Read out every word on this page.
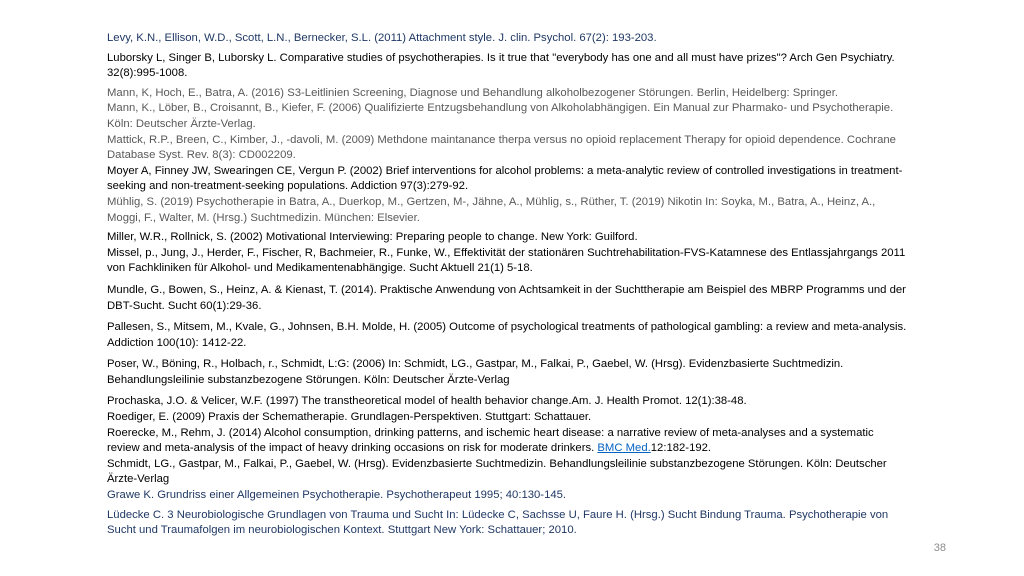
Levy, K.N., Ellison, W.D., Scott, L.N., Bernecker, S.L. (2011) Attachment style. J. clin. Psychol. 67(2): 193-203.

Luborsky L, Singer B, Luborsky L. Comparative studies of psychotherapies. Is it true that "everybody has one and all must have prizes"? Arch Gen Psychiatry. 32(8):995-1008.

Mann, K, Hoch, E., Batra, A. (2016) S3-Leitlinien Screening, Diagnose und Behandlung alkoholbezogener Störungen. Berlin, Heidelberg: Springer.

Mann, K., Löber, B., Croisannt, B., Kiefer, F. (2006) Qualifizierte Entzugsbehandlung von Alkoholabhängigen. Ein Manual zur Pharmako- und Psychotherapie. Köln: Deutscher Ärzte-Verlag.

Mattick, R.P., Breen, C., Kimber, J., -davoli, M. (2009) Methdone maintanance therpa versus no opioid replacement Therapy for opioid dependence. Cochrane Database Syst. Rev. 8(3): CD002209.

Moyer A, Finney JW, Swearingen CE, Vergun P. (2002) Brief interventions for alcohol problems: a meta-analytic review of controlled investigations in treatment-seeking and non-treatment-seeking populations. Addiction 97(3):279-92.

Mühlig, S. (2019) Psychotherapie in Batra, A., Duerkop, M., Gertzen, M-, Jähne, A., Mühlig, s., Rüther, T. (2019) Nikotin In: Soyka, M., Batra, A., Heinz, A., Moggi, F., Walter, M. (Hrsg.) Suchtmedizin. München: Elsevier.

Miller, W.R., Rollnick, S. (2002) Motivational Interviewing: Preparing people to change. New York: Guilford.

Missel, p., Jung, J., Herder, F., Fischer, R, Bachmeier, R., Funke, W., Effektivität der stationären Suchtrehabilitation-FVS-Katamnese des Entlassjahrgangs 2011 von Fachkliniken für Alkohol- und Medikamentenabhängige. Sucht Aktuell 21(1) 5-18.

Mundle, G., Bowen, S., Heinz, A. & Kienast, T. (2014). Praktische Anwendung von Achtsamkeit in der Suchttherapie am Beispiel des MBRP Programms und der DBT-Sucht. Sucht 60(1):29-36.

Pallesen, S., Mitsem, M., Kvale, G., Johnsen, B.H. Molde, H. (2005) Outcome of psychological treatments of pathological gambling: a review and meta-analysis. Addiction 100(10): 1412-22.

Poser, W., Böning, R., Holbach, r., Schmidt, L:G: (2006) In: Schmidt, LG., Gastpar, M., Falkai, P., Gaebel, W. (Hrsg). Evidenzbasierte Suchtmedizin. Behandlungsleilinie substanzbezogene Störungen. Köln: Deutscher Ärzte-Verlag

Prochaska, J.O. & Velicer, W.F. (1997) The transtheoretical model of health behavior change.Am. J. Health Promot. 12(1):38-48.

Roediger, E. (2009) Praxis der Schematherapie. Grundlagen-Perspektiven. Stuttgart: Schattauer.

Roerecke, M., Rehm, J. (2014) Alcohol consumption, drinking patterns, and ischemic heart disease: a narrative review of meta-analyses and a systematic review and meta-analysis of the impact of heavy drinking occasions on risk for moderate drinkers. BMC Med.12:182-192.

Schmidt, LG., Gastpar, M., Falkai, P., Gaebel, W. (Hrsg). Evidenzbasierte Suchtmedizin. Behandlungsleilinie substanzbezogene Störungen. Köln: Deutscher Ärzte-Verlag

Grawe K. Grundriss einer Allgemeinen Psychotherapie. Psychotherapeut 1995; 40:130-145.

Lüdecke C. 3 Neurobiologische Grundlagen von Trauma und Sucht In: Lüdecke C, Sachsse U, Faure H. (Hrsg.) Sucht Bindung Trauma. Psychotherapie von Sucht und Traumafolgen im neurobiologischen Kontext. Stuttgart New York: Schattauer; 2010.

38
